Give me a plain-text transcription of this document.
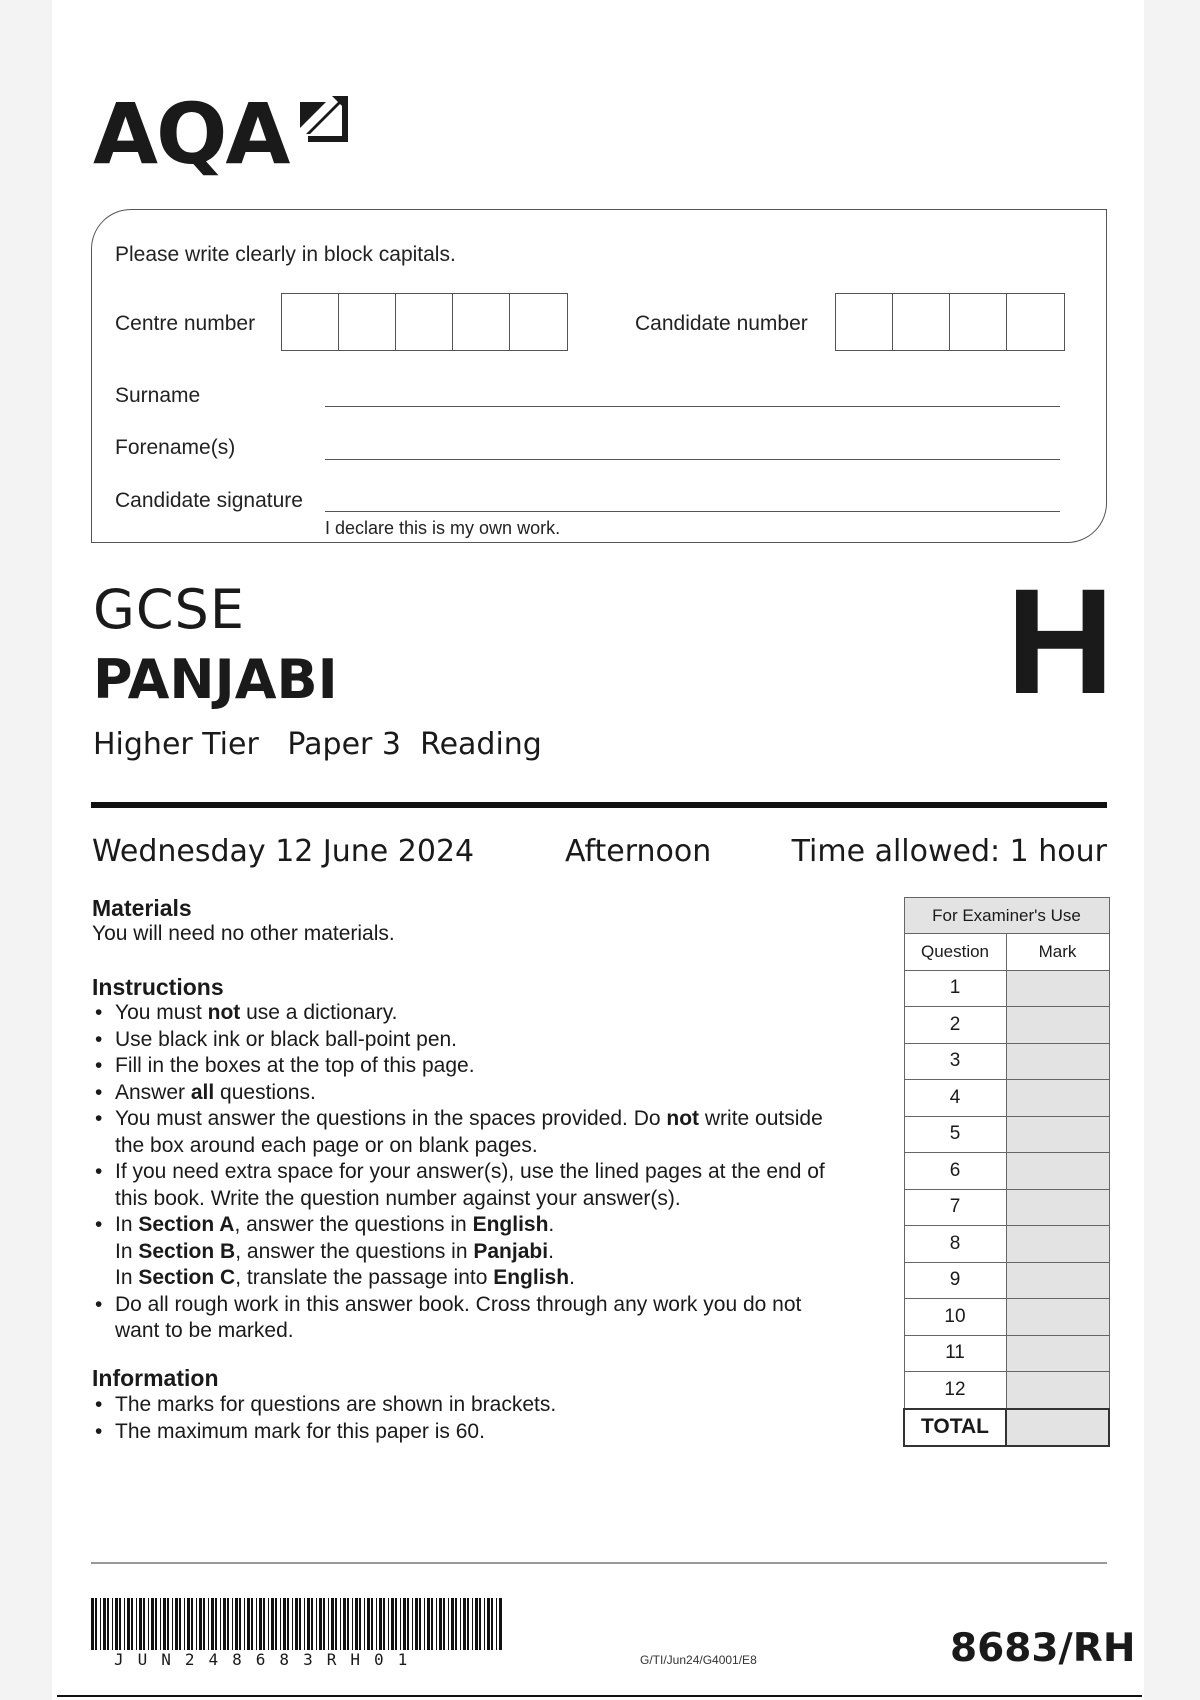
AQA
Please write clearly in block capitals.
Centre number	Candidate number
Surname
Forename(s)
Candidate signature
I declare this is my own work.
GCSE
PANJABI
Higher Tier Paper 3  Reading
H
Wednesday 12 June 2024	Afternoon	Time allowed: 1 hour
Materials
You will need no other materials.
Instructions
• You must not use a dictionary.
• Use black ink or black ball-point pen.
• Fill in the boxes at the top of this page.
• Answer all questions.
• You must answer the questions in the spaces provided. Do not write outside
the box around each page or on blank pages.
• If you need extra space for your answer(s), use the lined pages at the end of
this book. Write the question number against your answer(s).
• In Section A, answer the questions in English.
In Section B, answer the questions in Panjabi.
In Section C, translate the passage into English.
• Do all rough work in this answer book. Cross through any work you do not
want to be marked.
Information
• The marks for questions are shown in brackets.
• The maximum mark for this paper is 60.
For Examiner's Use	
Question	Mark
1	
2	
3	
4	
5	
6	
7	
8	
9	
10	
11	
12	
TOTAL	
JUN248683RH01	G/TI/Jun24/G4001/E8	8683/RH
